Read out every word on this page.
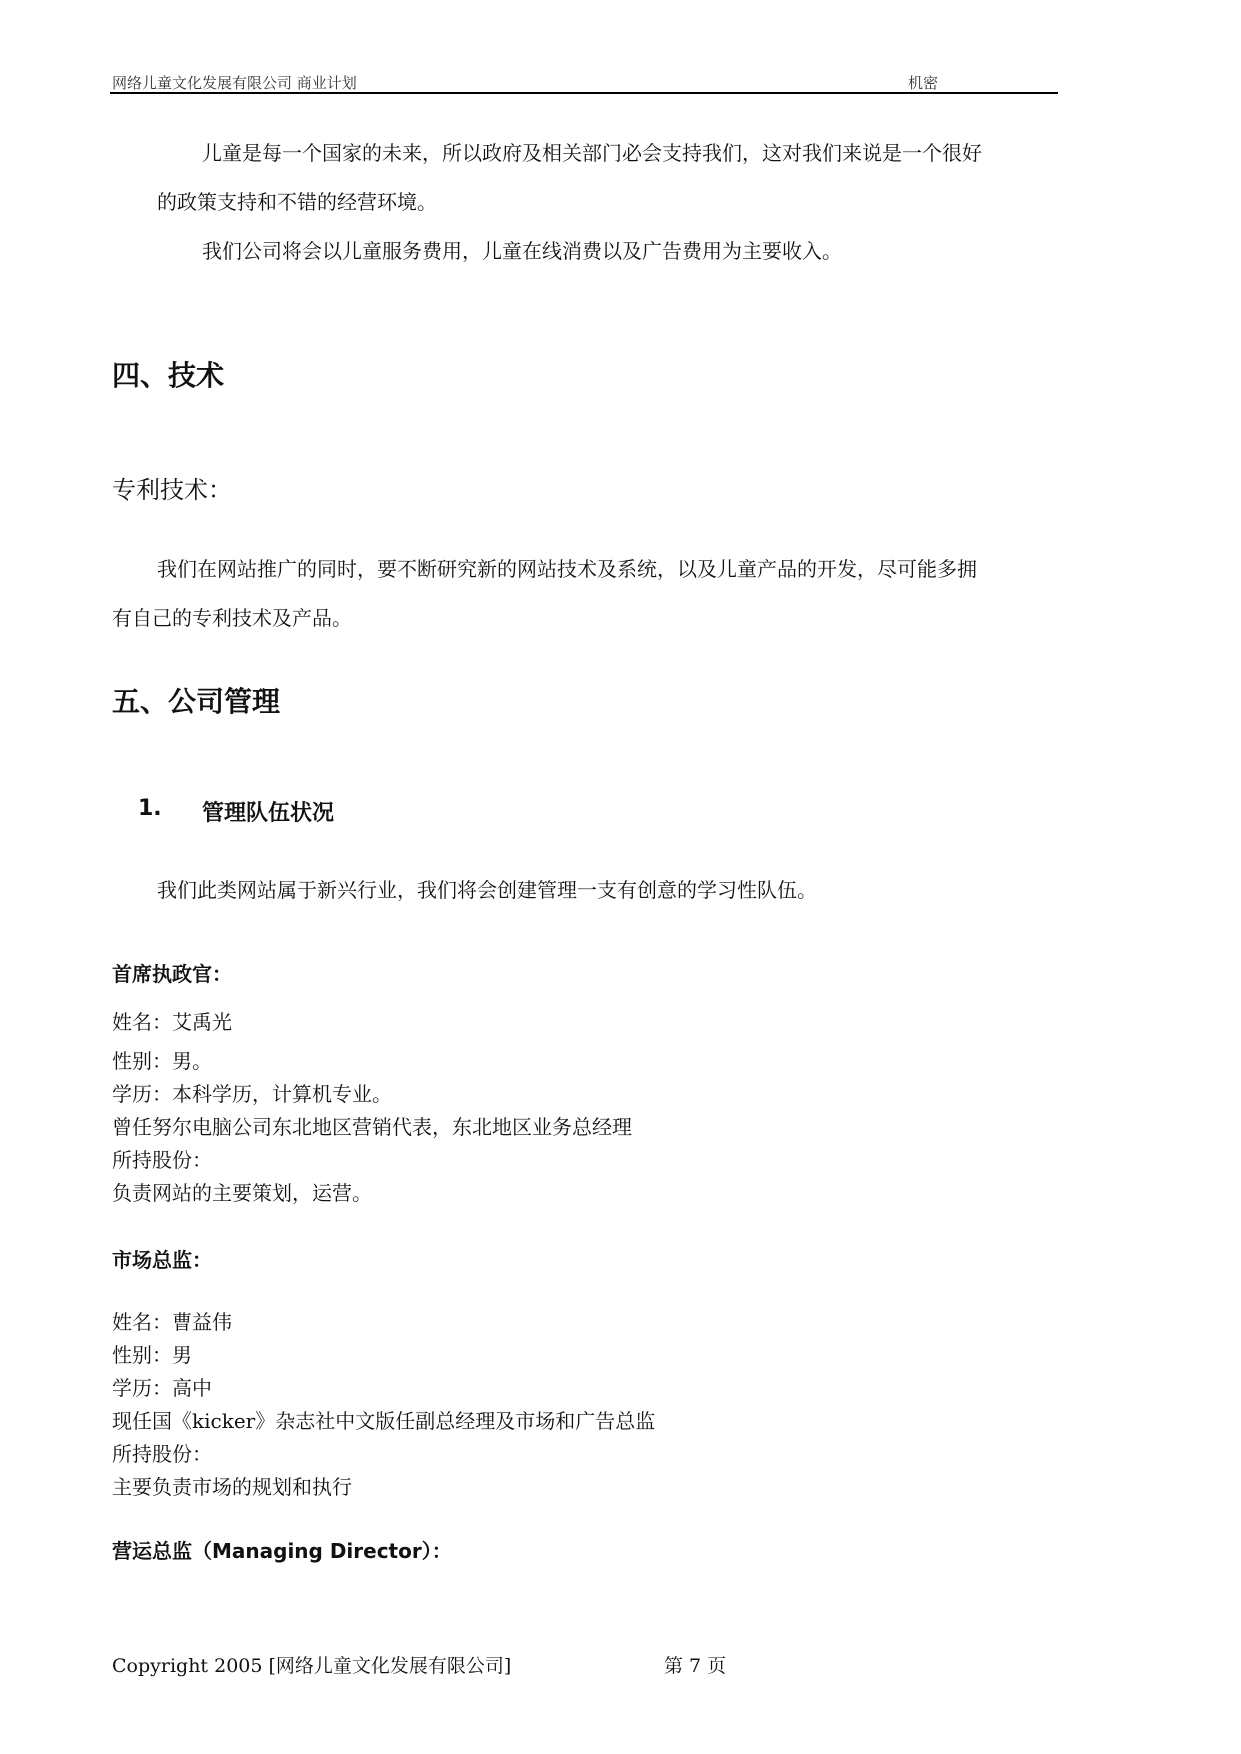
网络儿童文化发展有限公司 商业计划	机密
儿童是每一个国家的未来，所以政府及相关部门必会支持我们，这对我们来说是一个很好
的政策支持和不错的经营环境。
我们公司将会以儿童服务费用，儿童在线消费以及广告费用为主要收入。
四、技术
专利技术：
我们在网站推广的同时，要不断研究新的网站技术及系统，以及儿童产品的开发，尽可能多拥
有自己的专利技术及产品。
五、公司管理
1. 管理队伍状况
我们此类网站属于新兴行业，我们将会创建管理一支有创意的学习性队伍。
首席执政官：
姓名：艾禹光
性别：男。
学历：本科学历，计算机专业。
曾任努尔电脑公司东北地区营销代表，东北地区业务总经理
所持股份：
负责网站的主要策划，运营。
市场总监：
姓名：曹益伟
性别：男
学历：高中
现任国《kicker》杂志社中文版任副总经理及市场和广告总监
所持股份：
主要负责市场的规划和执行
营运总监（Managing Director）：
Copyright 2005 [网络儿童文化发展有限公司]	第 7 页
